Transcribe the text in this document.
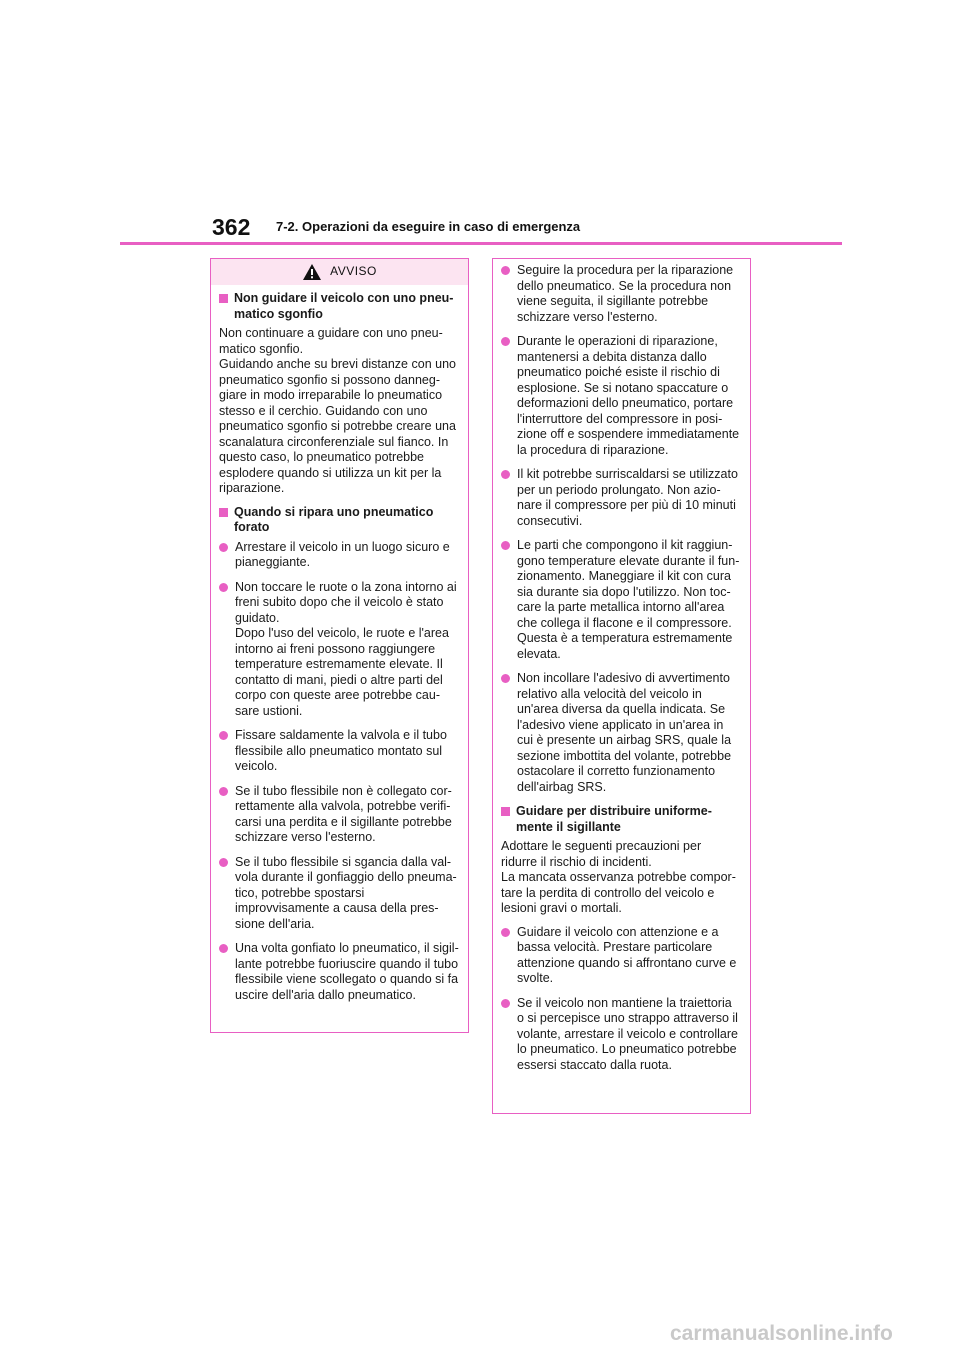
362 7-2. Operazioni da eseguire in caso di emergenza
AVVISO
Non guidare il veicolo con uno pneu-
matico sgonfio
Non continuare a guidare con uno pneu-
matico sgonfio.
Guidando anche su brevi distanze con uno
pneumatico sgonfio si possono danneg-
giare in modo irreparabile lo pneumatico
stesso e il cerchio. Guidando con uno
pneumatico sgonfio si potrebbe creare una
scanalatura circonferenziale sul fianco. In
questo caso, lo pneumatico potrebbe
esplodere quando si utilizza un kit per la
riparazione.
Quando si ripara uno pneumatico
forato
Arrestare il veicolo in un luogo sicuro e
pianeggiante.
Non toccare le ruote o la zona intorno ai
freni subito dopo che il veicolo è stato
guidato.
Dopo l'uso del veicolo, le ruote e l'area
intorno ai freni possono raggiungere
temperature estremamente elevate. Il
contatto di mani, piedi o altre parti del
corpo con queste aree potrebbe cau-
sare ustioni.
Fissare saldamente la valvola e il tubo
flessibile allo pneumatico montato sul
veicolo.
Se il tubo flessibile non è collegato cor-
rettamente alla valvola, potrebbe verifi-
carsi una perdita e il sigillante potrebbe
schizzare verso l'esterno.
Se il tubo flessibile si sgancia dalla val-
vola durante il gonfiaggio dello pneuma-
tico, potrebbe spostarsi
improvvisamente a causa della pres-
sione dell'aria.
Una volta gonfiato lo pneumatico, il sigil-
lante potrebbe fuoriuscire quando il tubo
flessibile viene scollegato o quando si fa
uscire dell'aria dallo pneumatico.
Seguire la procedura per la riparazione
dello pneumatico. Se la procedura non
viene seguita, il sigillante potrebbe
schizzare verso l'esterno.
Durante le operazioni di riparazione,
mantenersi a debita distanza dallo
pneumatico poiché esiste il rischio di
esplosione. Se si notano spaccature o
deformazioni dello pneumatico, portare
l'interruttore del compressore in posi-
zione off e sospendere immediatamente
la procedura di riparazione.
Il kit potrebbe surriscaldarsi se utilizzato
per un periodo prolungato. Non azio-
nare il compressore per più di 10 minuti
consecutivi.
Le parti che compongono il kit raggiun-
gono temperature elevate durante il fun-
zionamento. Maneggiare il kit con cura
sia durante sia dopo l'utilizzo. Non toc-
care la parte metallica intorno all'area
che collega il flacone e il compressore.
Questa è a temperatura estremamente
elevata.
Non incollare l'adesivo di avvertimento
relativo alla velocità del veicolo in
un'area diversa da quella indicata. Se
l'adesivo viene applicato in un'area in
cui è presente un airbag SRS, quale la
sezione imbottita del volante, potrebbe
ostacolare il corretto funzionamento
dell'airbag SRS.
Guidare per distribuire uniforme-
mente il sigillante
Adottare le seguenti precauzioni per
ridurre il rischio di incidenti.
La mancata osservanza potrebbe compor-
tare la perdita di controllo del veicolo e
lesioni gravi o mortali.
Guidare il veicolo con attenzione e a
bassa velocità. Prestare particolare
attenzione quando si affrontano curve e
svolte.
Se il veicolo non mantiene la traiettoria
o si percepisce uno strappo attraverso il
volante, arrestare il veicolo e controllare
lo pneumatico. Lo pneumatico potrebbe
essersi staccato dalla ruota.
carmanualsonline.info
